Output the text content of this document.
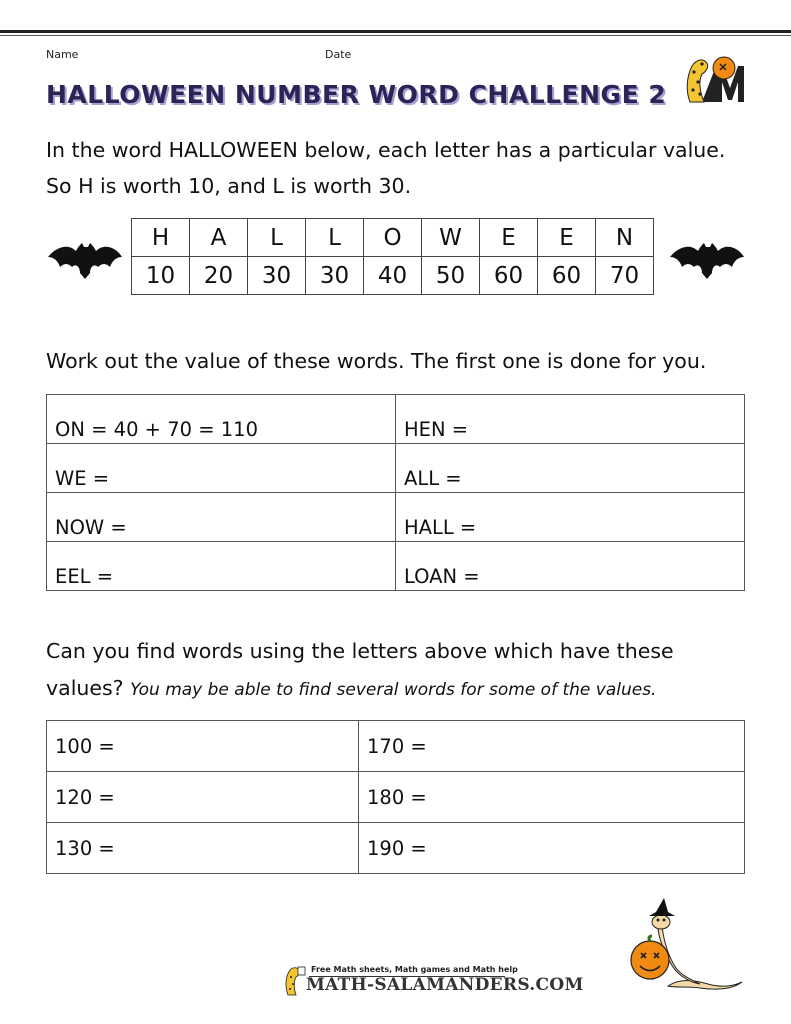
Name	Date
HALLOWEEN NUMBER WORD CHALLENGE 2

In the word HALLOWEEN below, each letter has a particular value.

So H is worth 10, and L is worth 30.

H	A	L	L	O	W	E	E	N
10	20	30	30	40	50	60	60	70

Work out the value of these words. The first one is done for you.

ON = 40 + 70 = 110	HEN =
WE =	ALL =
NOW =	HALL =
EEL =	LOAN =

Can you find words using the letters above which have these

values? You may be able to find several words for some of the values.

100 =	170 =
120 =	180 =
130 =	190 =
Free Math sheets, Math games and Math help
MATH-SALAMANDERS.COM
